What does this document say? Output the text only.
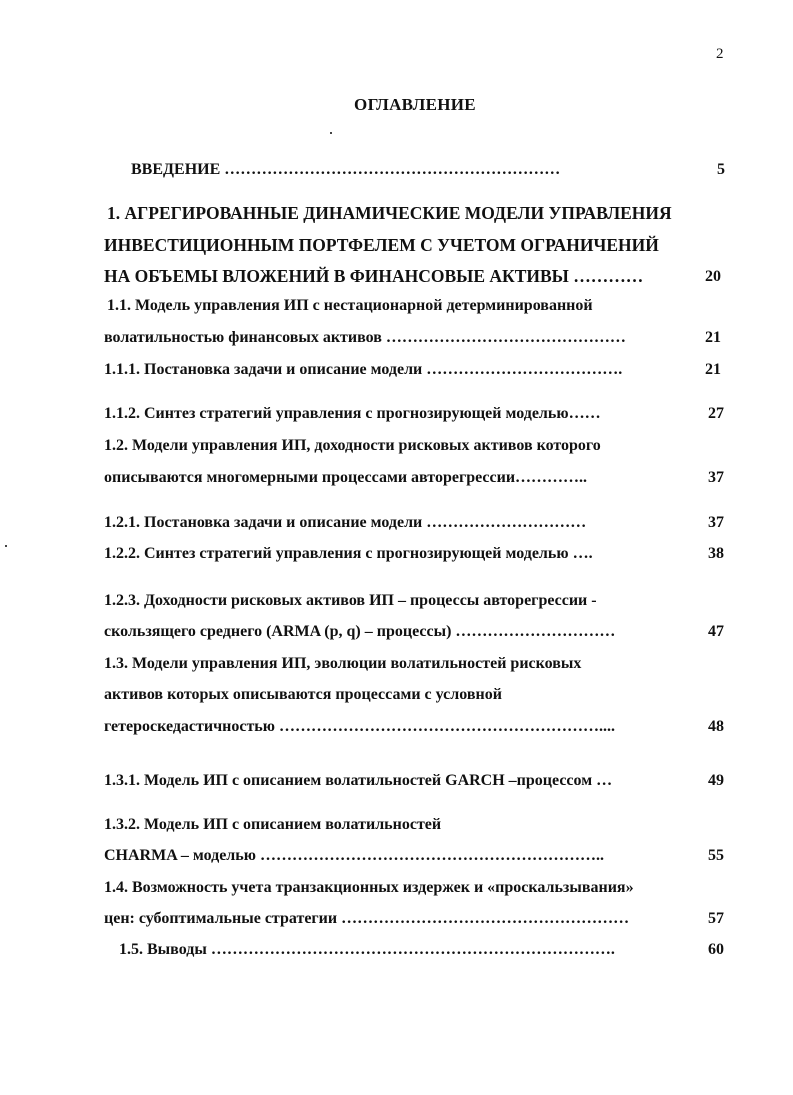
2
ОГЛАВЛЕНИЕ
ВВЕДЕНИЕ ………………………………………………………	5
1. АГРЕГИРОВАННЫЕ ДИНАМИЧЕСКИЕ МОДЕЛИ УПРАВЛЕНИЯ
ИНВЕСТИЦИОННЫМ ПОРТФЕЛЕМ С УЧЕТОМ ОГРАНИЧЕНИЙ
НА ОБЪЕМЫ ВЛОЖЕНИЙ В ФИНАНСОВЫЕ АКТИВЫ …………	20
1.1. Модель управления ИП с нестационарной детерминированной
волатильностью финансовых активов ………………………………………	21
1.1.1. Постановка задачи и описание модели ……………………………….	21
1.1.2. Синтез стратегий управления с прогнозирующей моделью……	27
1.2. Модели управления ИП, доходности рисковых активов которого
описываются многомерными процессами авторегрессии…………..	37
1.2.1. Постановка задачи и описание модели …………………………	37
1.2.2. Синтез стратегий управления с прогнозирующей моделью ….	38
1.2.3. Доходности рисковых активов ИП – процессы авторегрессии -
скользящего среднего (ARMA (p, q) – процессы) …………………………	47
1.3. Модели управления ИП, эволюции волатильностей рисковых
активов которых описываются процессами с условной
гетероскедастичностью ……………………………………………………....	48
1.3.1. Модель ИП с описанием волатильностей GARCH –процессом …	49
1.3.2. Модель ИП с описанием волатильностей
CHARMA – моделью ………………………………………………………..	55
1.4. Возможность учета транзакционных издержек и «проскальзывания»
цен: субоптимальные стратегии ………………………………………………	57
1.5. Выводы ………………………………………………………………….	60
